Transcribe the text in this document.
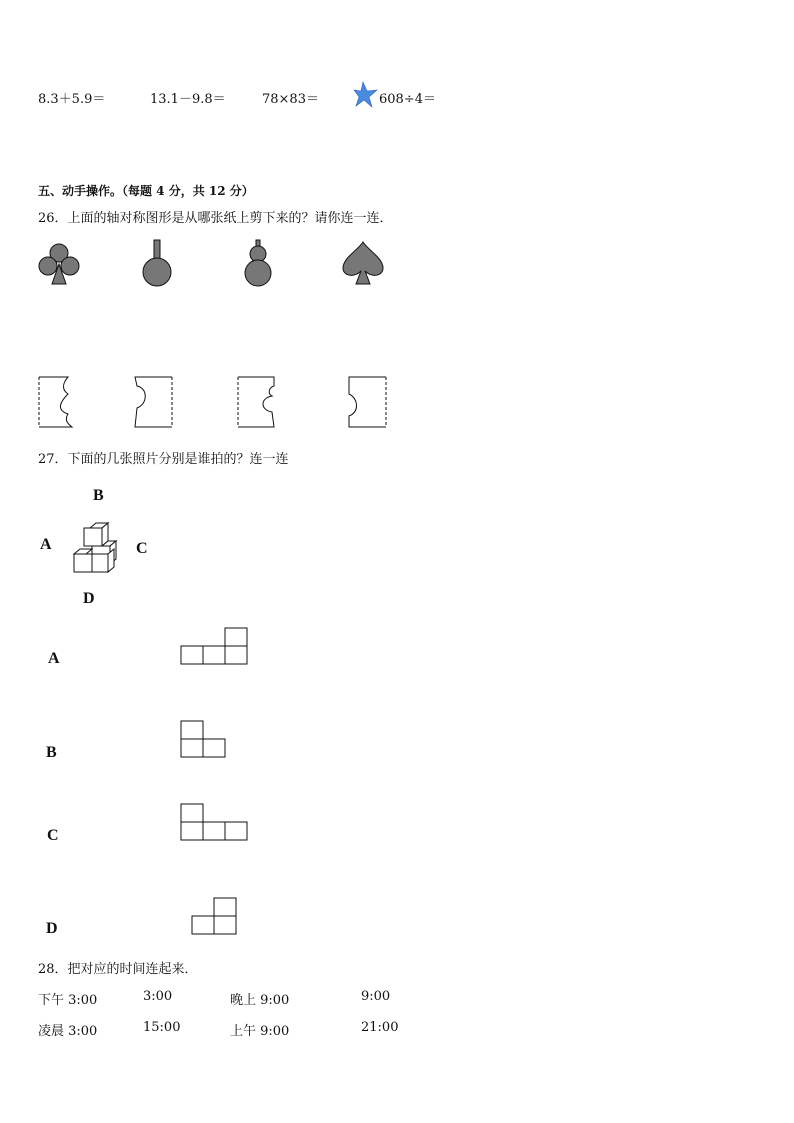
8.3＋5.9＝	13.1－9.8＝	78×83＝	608÷4＝
五、动手操作。（每题 4 分，共 12 分）
26．上面的轴对称图形是从哪张纸上剪下来的？请你连一连．
27．下面的几张照片分别是谁拍的？连一连
B
A	C
D
A
B
C
D
28．把对应的时间连起来．
下午 3:00	3:00	晚上 9:00	9:00
凌晨 3:00	15:00	上午 9:00	21:00
